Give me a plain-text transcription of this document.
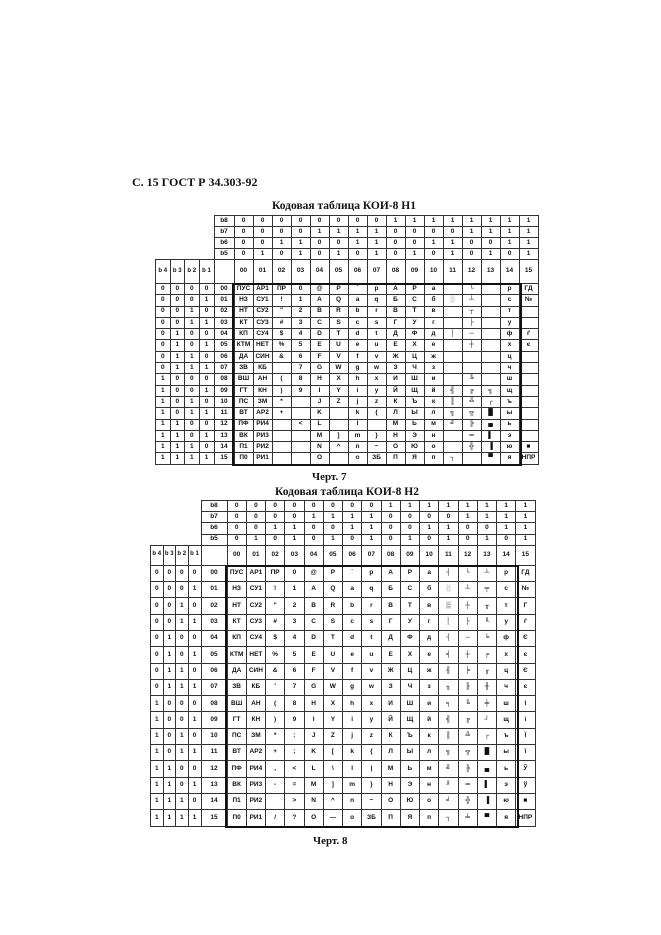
С. 15 ГОСТ Р 34.303-92
Кодовая таблица КОИ-8 Н1
				b8	0	0	0	0	0	0	0	0	1	1	1	1	1	1	1	1
				b7	0	0	0	0	1	1	1	1	0	0	0	0	1	1	1	1
				b6	0	0	1	1	0	0	1	1	0	0	1	1	0	0	1	1
				b5	0	1	0	1	0	1	0	1	0	1	0	1	0	1	0	1
b 4	b 3	b 2	b 1		00	01	02	03	04	05	06	07	08	09	10	11	12	13	14	15
0	0	0	0	00	ПУС	АР1	ПР	0	@	P	`	p	А	Р	а		└		р	ГД
0	0	0	1	01	НЗ	СУ1	!	1	A	Q	a	q	Б	С	б	░	┴		с	№
0	0	1	0	02	НТ	СУ2	"	2	B	R	b	r	В	Т	в		┬		т	
0	0	1	1	03	КТ	СУ3	#	3	C	S	c	s	Г	У	г		├		у	
0	1	0	0	04	КП	СУ4	$	4	D	T	d	t	Д	Ф	д	│	─		ф	ґ
0	1	0	1	05	КТМ	НЕТ	%	5	E	U	e	u	Е	Х	е		┼		х	є
0	1	1	0	06	ДА	СИН	&	6	F	V	f	v	Ж	Ц	ж				ц	
0	1	1	1	07	ЗВ	КБ		7	G	W	g	w	З	Ч	з				ч	
1	0	0	0	08	ВШ	АН	(	8	H	X	h	x	И	Ш	и		╚		ш	
1	0	0	1	09	ГТ	КН	)	9	I	Y	i	y	Й	Щ	й	╣	╔	╗	щ	
1	0	1	0	10	ПС	ЗМ	*		J	Z	j	z	К	Ъ	к	║	╩	┌	ъ	
1	0	1	1	11	ВТ	АР2	+		K		k	{	Л	Ы	л	╗	╦	█	ы	
1	1	0	0	12	ПФ	РИ4		<	L		l		М	Ь	м	╝	╠	▄	ь	
1	1	0	1	13	ВК	РИ3			M	]	m	}	Н	Э	н		═	▌	э	
1	1	1	0	14	П1	РИ2			N	^	n	~	О	Ю	о		╬	▐	ю	■
1	1	1	1	15	П0	РИ1			O		o	ЗБ	П	Я	п	┐		▀	я	НПР
Черт. 7
Кодовая таблица КОИ-8 Н2
				b8	0	0	0	0	0	0	0	0	1	1	1	1	1	1	1	1
				b7	0	0	0	0	1	1	1	1	0	0	0	0	1	1	1	1
				b6	0	0	1	1	0	0	1	1	0	0	1	1	0	0	1	1
				b5	0	1	0	1	0	1	0	1	0	1	0	1	0	1	0	1
b 4	b 3	b 2	b 1		00	01	02	03	04	05	06	07	08	09	10	11	12	13	14	15
0	0	0	0	00	ПУС	АР1	ПР	0	@	P	`	p	А	Р	а	┤	└	┴	р	ГД
0	0	0	1	01	НЗ	СУ1	!	1	A	Q	a	q	Б	С	б	░	┴	╤	с	№
0	0	1	0	02	НТ	СУ2	"	2	B	R	b	r	В	Т	в	▒	┼	╥	т	Г
0	0	1	1	03	КТ	СУ3	#	3	C	S	c	s	Г	У	г	│	├	╙	у	ґ
0	1	0	0	04	КП	СУ4	$	4	D	T	d	t	Д	Ф	д	┤	─	╘	ф	Є
0	1	0	1	05	КТМ	НЕТ	%	5	E	U	e	u	Е	Х	е	╡	┼	╒	х	є
0	1	1	0	06	ДА	СИН	&	6	F	V	f	v	Ж	Ц	ж	╢	╞	╓	ц	Є
0	1	1	1	07	ЗВ	КБ	'	7	G	W	g	w	З	Ч	з	╖	╟	╫	ч	є
1	0	0	0	08	ВШ	АН	(	8	H	X	h	x	И	Ш	и	╕	╚	╪	ш	І
1	0	0	1	09	ГТ	КН	)	9	I	Y	i	y	Й	Щ	й	╣	╔	┘	щ	і
1	0	1	0	10	ПС	ЗМ	*	:	J	Z	j	z	К	Ъ	к	║	╩	┌	ъ	Ї
1	0	1	1	11	ВТ	АР2	+	;	K	[	k	{	Л	Ы	л	╗	╦	█	ы	ї
1	1	0	0	12	ПФ	РИ4	,	<	L	\	l	|	М	Ь	м	╝	╠	▄	ь	Ў
1	1	0	1	13	ВК	РИ3	-	=	M	]	m	}	Н	Э	н	╜	═	▌	э	ў
1	1	1	0	14	П1	РИ2		>	N	^	n	~	О	Ю	о	╛	╬	▐	ю	■
1	1	1	1	15	П0	РИ1	/	?	O	—	o	ЗБ	П	Я	п	┐	╧	▀	я	НПР
Черт. 8
